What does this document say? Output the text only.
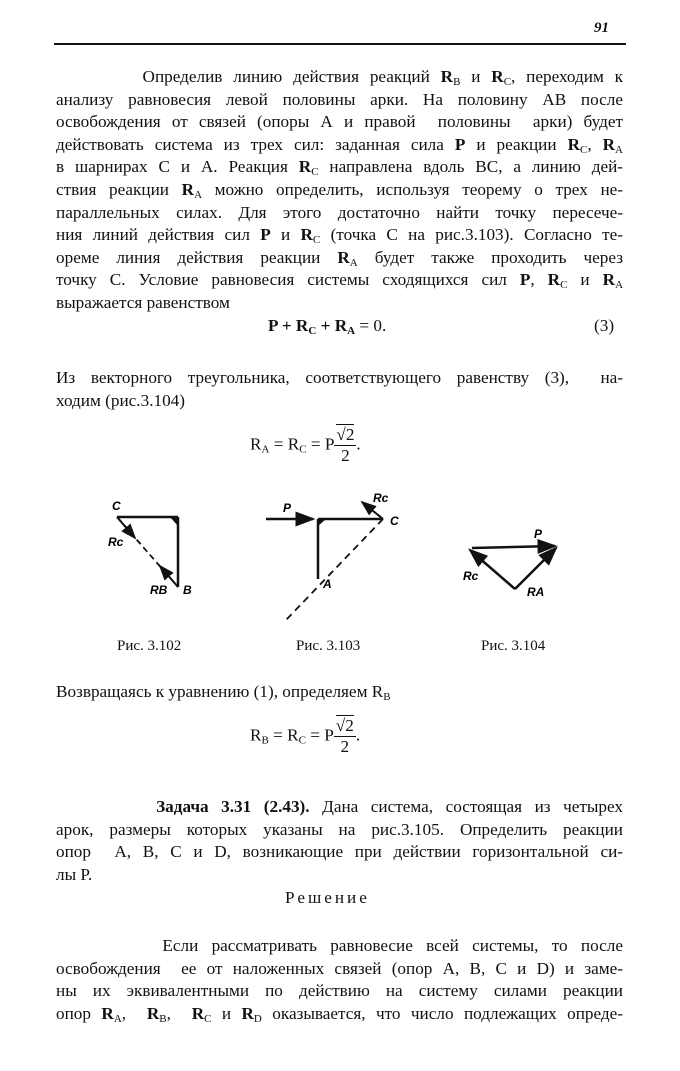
91
Определив линию действия реакций $R_B$ и $R_C$, переходим к
анализу равновесия левой половины арки. На половину АВ после
освобождения от связей (опоры А и правой  половины  арки) будет
действовать система из трех сил: заданная сила P и реакции $R_C$, $R_A$
в шарнирах С и А. Реакция $R_C$ направлена вдоль ВС, а линию дей-
ствия реакции $R_A$ можно определить, используя теорему о трех не-
параллельных силах. Для этого достаточно найти точку пересече-
ния линий действия сил P и $R_C$ (точка С на рис.3.103). Согласно те-
ореме линия действия реакции $R_A$ будет также проходить через
точку С. Условие равновесия системы сходящихся сил P, $R_C$ и $R_A$
выражается равенством
$P + R_C + R_A = 0$.	(3)
Из векторного треугольника, соответствующего равенству (3),  на-
ходим (рис.3.104)
$R_A = R_C = P \frac{√2}{2}$ .
C
Rc
RB B
P
Rc
C
A
P
Rc
RA
Рис. 3.102	Рис. 3.103	Рис. 3.104
Возвращаясь к уравнению (1), определяем $R_B$
$R_B = R_C = P \frac{√2}{2}$ .
Задача 3.31 (2.43). Дана система, состоящая из четырех
арок, размеры которых указаны на рис.3.105. Определить реакции
опор  А, В, С и D, возникающие при действии горизонтальной си-
лы Р.
Решение
Если рассматривать равновесие всей системы, то после
освобождения  ее от наложенных связей (опор А, В, С и D) и заме-
ны их эквивалентными по действию на систему силами реакции
опор $R_A$,  $R_B$,  $R_C$ и $R_D$ оказывается, что число подлежащих опреде-
